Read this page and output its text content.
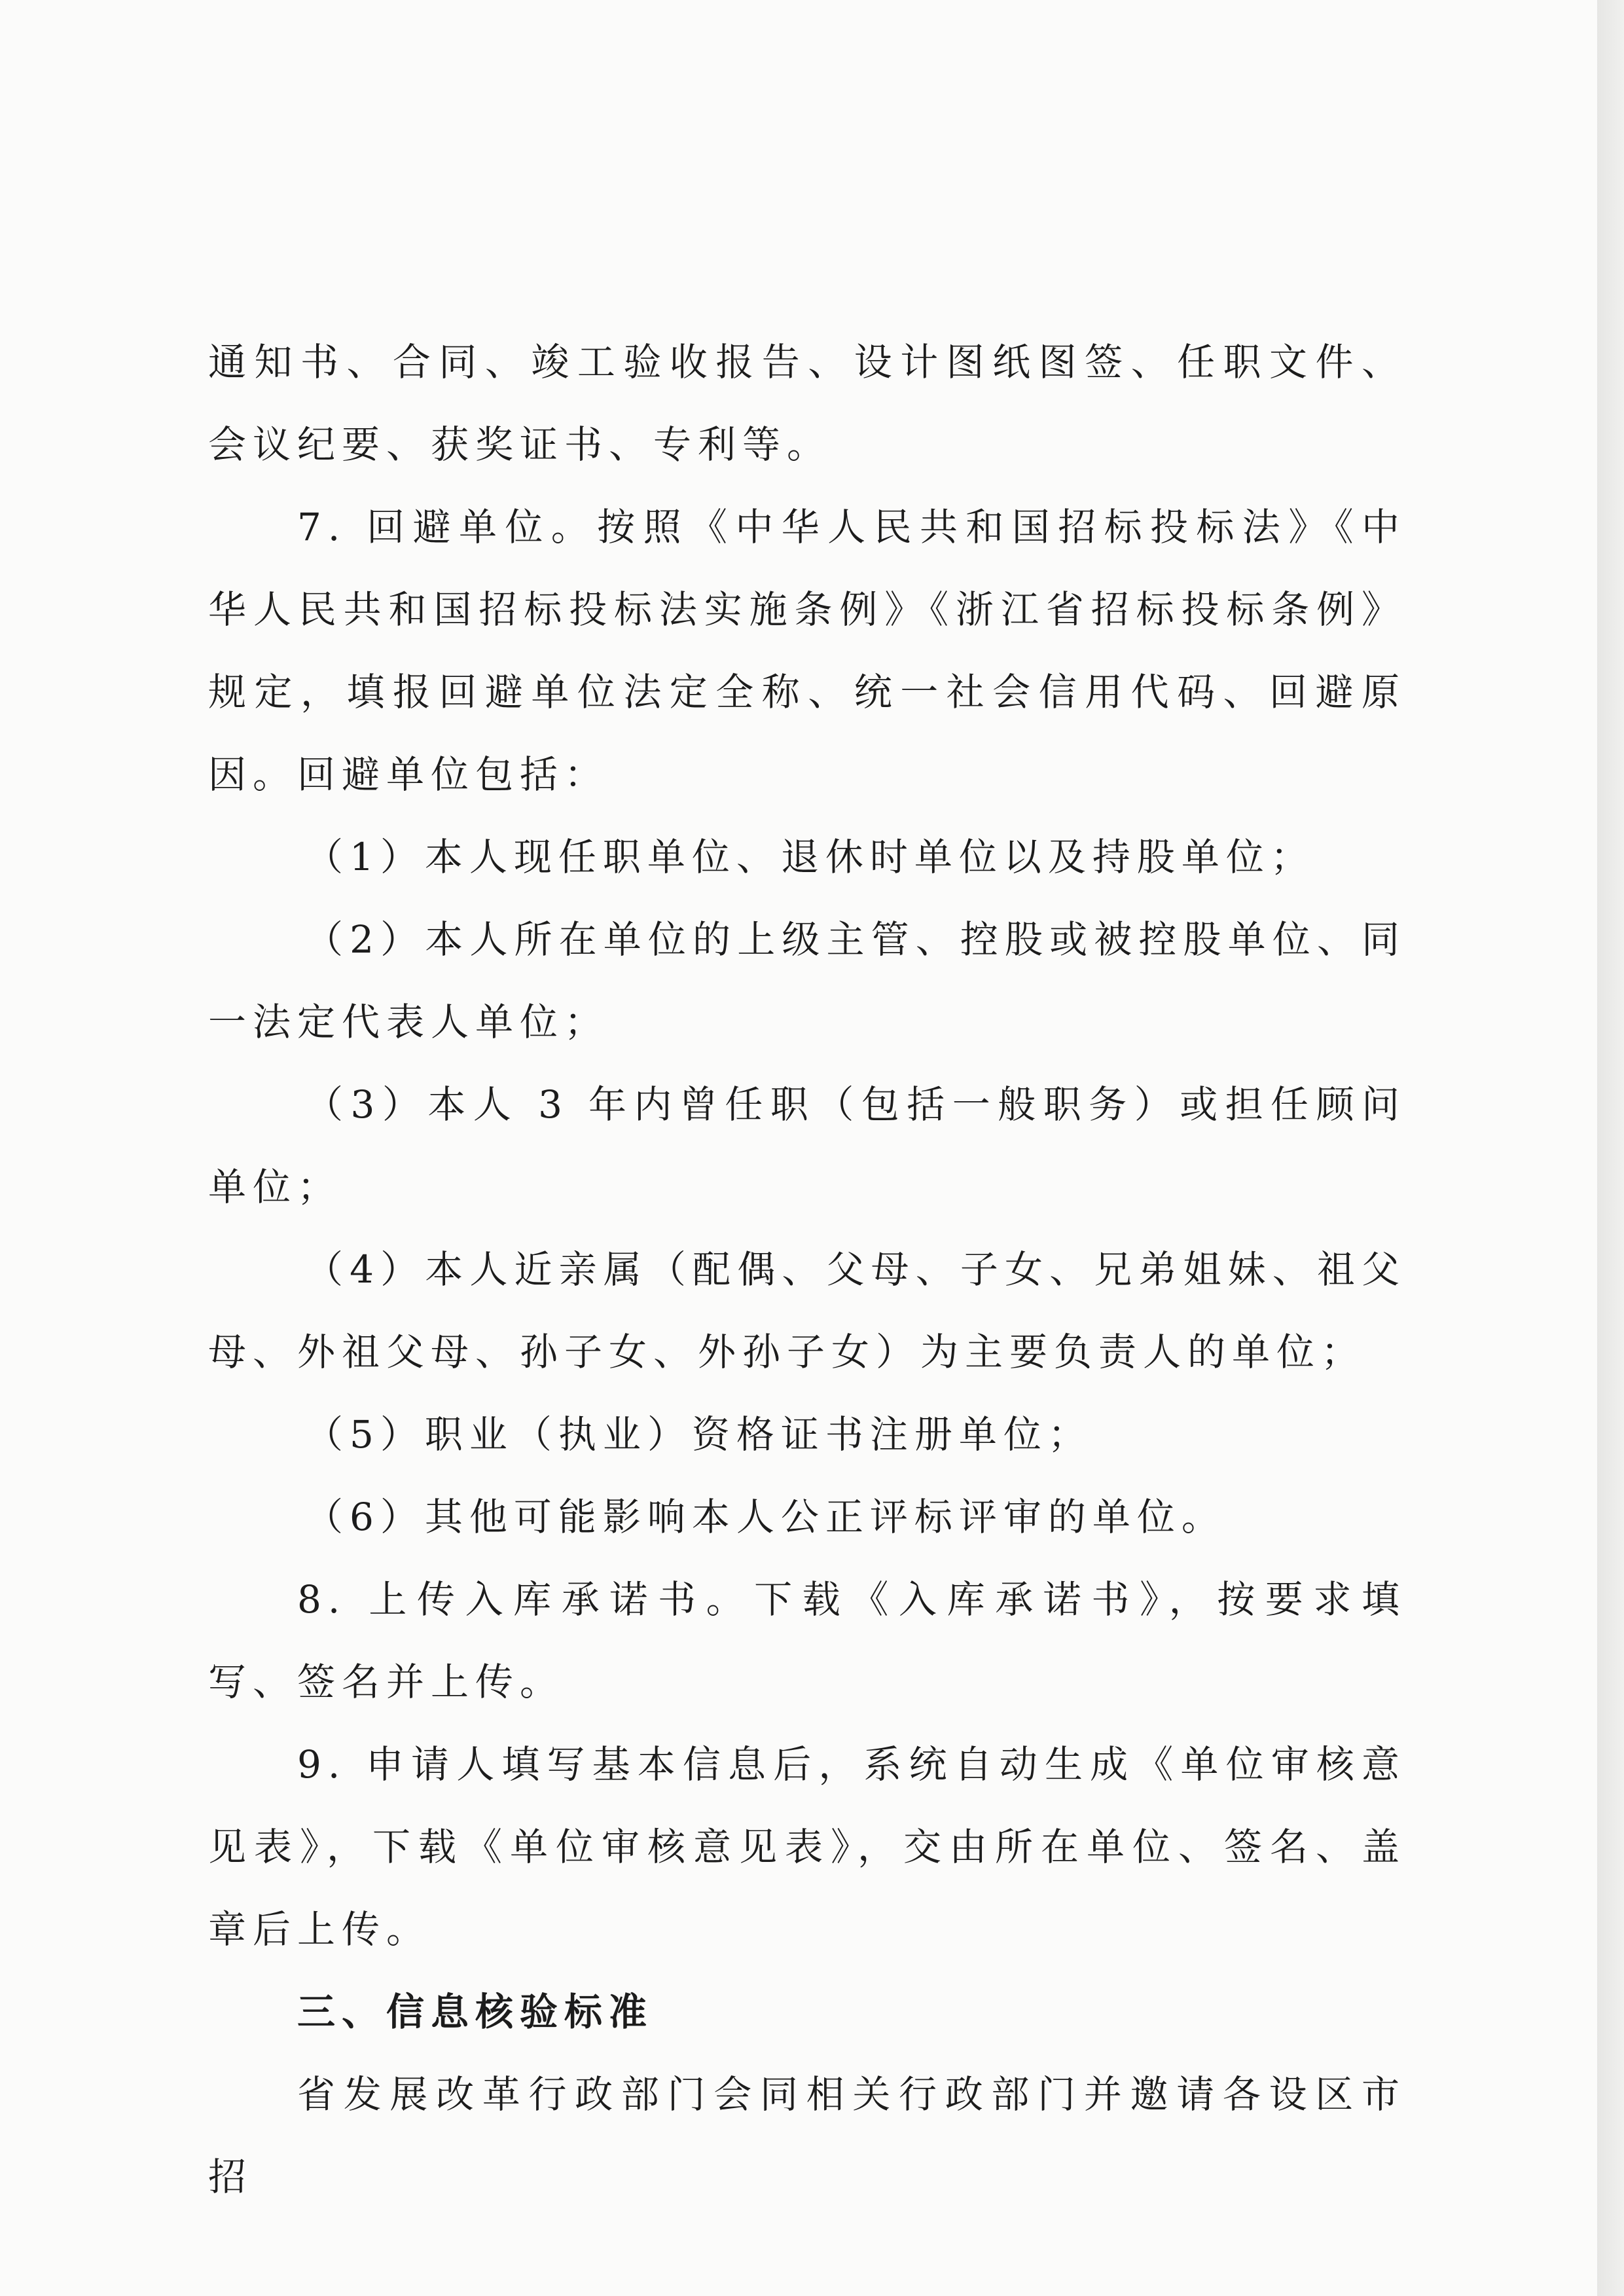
通知书、合同、竣工验收报告、设计图纸图签、任职文件、会议纪要、获奖证书、专利等。

7. 回避单位。按照《中华人民共和国招标投标法》《中华人民共和国招标投标法实施条例》《浙江省招标投标条例》规定，填报回避单位法定全称、统一社会信用代码、回避原因。回避单位包括：

（1）本人现任职单位、退休时单位以及持股单位；

（2）本人所在单位的上级主管、控股或被控股单位、同一法定代表人单位；

（3）本人 3 年内曾任职（包括一般职务）或担任顾问单位；

（4）本人近亲属（配偶、父母、子女、兄弟姐妹、祖父母、外祖父母、孙子女、外孙子女）为主要负责人的单位；

（5）职业（执业）资格证书注册单位；

（6）其他可能影响本人公正评标评审的单位。

8. 上传入库承诺书。下载《入库承诺书》，按要求填写、签名并上传。

9. 申请人填写基本信息后，系统自动生成《单位审核意见表》，下载《单位审核意见表》，交由所在单位、签名、盖章后上传。

三、信息核验标准

省发展改革行政部门会同相关行政部门并邀请各设区市招
